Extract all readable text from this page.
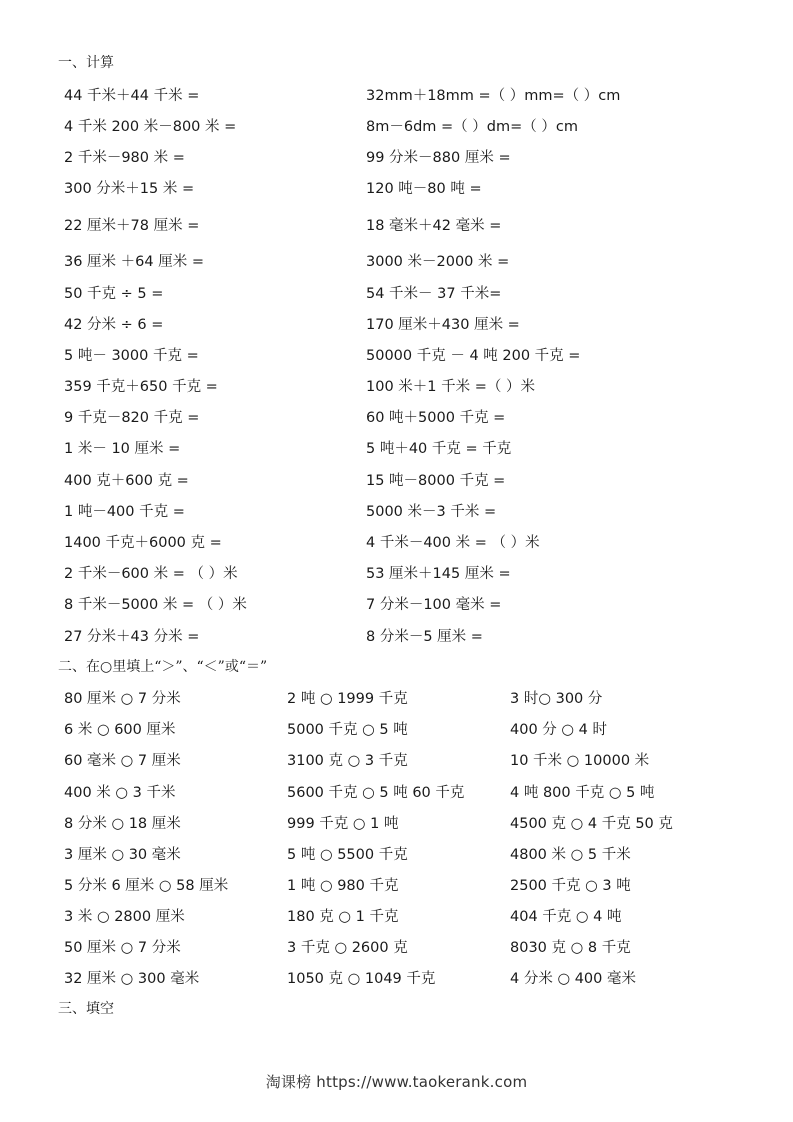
一、计算
44 千米＋44 千米 =	32mm＋18mm =（ ）mm=（ ）cm
4 千米 200 米－800 米 =	8m－6dm =（ ）dm=（ ）cm
2 千米－980 米 =	99 分米－880 厘米 =
300 分米＋15 米 =	120 吨－80 吨 =
22 厘米＋78 厘米 =	18 毫米＋42 毫米 =
36 厘米 ＋64 厘米 =	3000 米－2000 米 =
50 千克 ÷ 5 =	54 千米－ 37 千米=
42 分米 ÷ 6 =	170 厘米＋430 厘米 =
5 吨－ 3000 千克 =	50000 千克 － 4 吨 200 千克 =
359 千克＋650 千克 =	100 米＋1 千米 =（ ）米
9 千克－820 千克 =	60 吨＋5000 千克 =
1 米－ 10 厘米 =	5 吨＋40 千克 = 千克
400 克＋600 克 =	15 吨－8000 千克 =
1 吨－400 千克 =	5000 米－3 千米 =
1400 千克＋6000 克 =	4 千米－400 米 = （ ）米
2 千米－600 米 = （ ）米	53 厘米＋145 厘米 =
8 千米－5000 米 = （ ）米	7 分米－100 毫米 =
27 分米＋43 分米 =	8 分米－5 厘米 =
二、在○里填上“＞”、“＜”或“＝”
80 厘米 ○ 7 分米	2 吨 ○ 1999 千克	3 时○ 300 分
6 米 ○ 600 厘米	5000 千克 ○ 5 吨	400 分 ○ 4 时
60 毫米 ○ 7 厘米	3100 克 ○ 3 千克	10 千米 ○ 10000 米
400 米 ○ 3 千米	5600 千克 ○ 5 吨 60 千克	4 吨 800 千克 ○ 5 吨
8 分米 ○ 18 厘米	999 千克 ○ 1 吨	4500 克 ○ 4 千克 50 克
3 厘米 ○ 30 毫米	5 吨 ○ 5500 千克	4800 米 ○ 5 千米
5 分米 6 厘米 ○ 58 厘米	1 吨 ○ 980 千克	2500 千克 ○ 3 吨
3 米 ○ 2800 厘米	180 克 ○ 1 千克	404 千克 ○ 4 吨
50 厘米 ○ 7 分米	3 千克 ○ 2600 克	8030 克 ○ 8 千克
32 厘米 ○ 300 毫米	1050 克 ○ 1049 千克	4 分米 ○ 400 毫米
三、填空
淘课榜 https://www.taokerank.com
